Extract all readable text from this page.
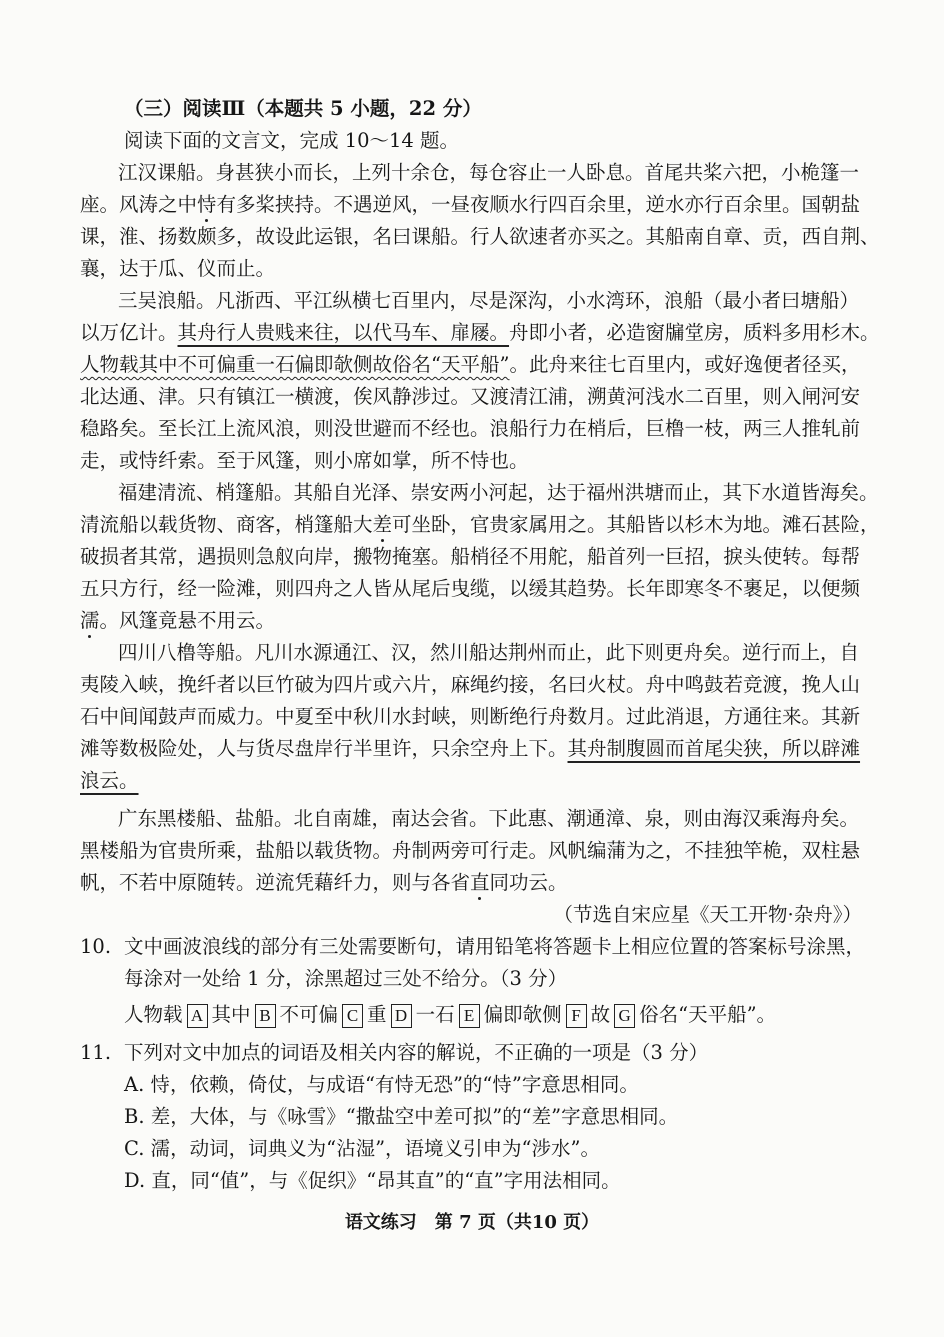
（三）阅读Ⅲ（本题共 5 小题，22 分）
阅读下面的文言文，完成 10～14 题。
江汉课船。身甚狭小而长，上列十余仓，每仓容止一人卧息。首尾共桨六把，小桅篷一
座。风涛之中恃有多桨挟持。不遇逆风，一昼夜顺水行四百余里，逆水亦行百余里。国朝盐
课，淮、扬数颇多，故设此运银，名曰课船。行人欲速者亦买之。其船南自章、贡，西自荆、
襄，达于瓜、仪而止。
三吴浪船。凡浙西、平江纵横七百里内，尽是深沟，小水湾环，浪船（最小者曰塘船）
以万亿计。其舟行人贵贱来往，以代马车、扉屦。舟即小者，必造窗牖堂房，质料多用杉木。
人物载其中不可偏重一石偏即欹侧故俗名“天平船”。此舟来往七百里内，或好逸便者径买，
北达通、津。只有镇江一横渡，俟风静涉过。又渡清江浦，溯黄河浅水二百里，则入闸河安
稳路矣。至长江上流风浪，则没世避而不经也。浪船行力在梢后，巨橹一枝，两三人推轧前
走，或恃纤索。至于风篷，则小席如掌，所不恃也。
福建清流、梢篷船。其船自光泽、崇安两小河起，达于福州洪塘而止，其下水道皆海矣。
清流船以载货物、商客，梢篷船大差可坐卧，官贵家属用之。其船皆以杉木为地。滩石甚险，
破损者其常，遇损则急舣向岸，搬物掩塞。船梢径不用舵，船首列一巨招，捩头使转。每帮
五只方行，经一险滩，则四舟之人皆从尾后曳缆，以缓其趋势。长年即寒冬不裹足，以便频
濡。风篷竟悬不用云。
四川八橹等船。凡川水源通江、汉，然川船达荆州而止，此下则更舟矣。逆行而上，自
夷陵入峡，挽纤者以巨竹破为四片或六片，麻绳约接，名曰火杖。舟中鸣鼓若竞渡，挽人山
石中间闻鼓声而威力。中夏至中秋川水封峡，则断绝行舟数月。过此消退，方通往来。其新
滩等数极险处，人与货尽盘岸行半里许，只余空舟上下。其舟制腹圆而首尾尖狭，所以辟滩
浪云。
广东黑楼船、盐船。北自南雄，南达会省。下此惠、潮通漳、泉，则由海汉乘海舟矣。
黑楼船为官贵所乘，盐船以载货物。舟制两旁可行走。风帆编蒲为之，不挂独竿桅，双柱悬
帆，不若中原随转。逆流凭藉纤力，则与各省直同功云。
（节选自宋应星《天工开物·杂舟》）
10. 文中画波浪线的部分有三处需要断句，请用铅笔将答题卡上相应位置的答案标号涂黑，
每涂对一处给 1 分，涂黑超过三处不给分。（3 分）
人物载 A 其中 B 不可偏 C 重 D 一石 E 偏即欹侧 F 故 G 俗名“天平船”。
11. 下列对文中加点的词语及相关内容的解说，不正确的一项是（3 分）
A. 恃，依赖，倚仗，与成语“有恃无恐”的“恃”字意思相同。
B. 差，大体，与《咏雪》“撒盐空中差可拟”的“差”字意思相同。
C. 濡，动词，词典义为“沾湿”，语境义引申为“涉水”。
D. 直，同“值”，与《促织》“昂其直”的“直”字用法相同。
语文练习　第 7 页（共10 页）
